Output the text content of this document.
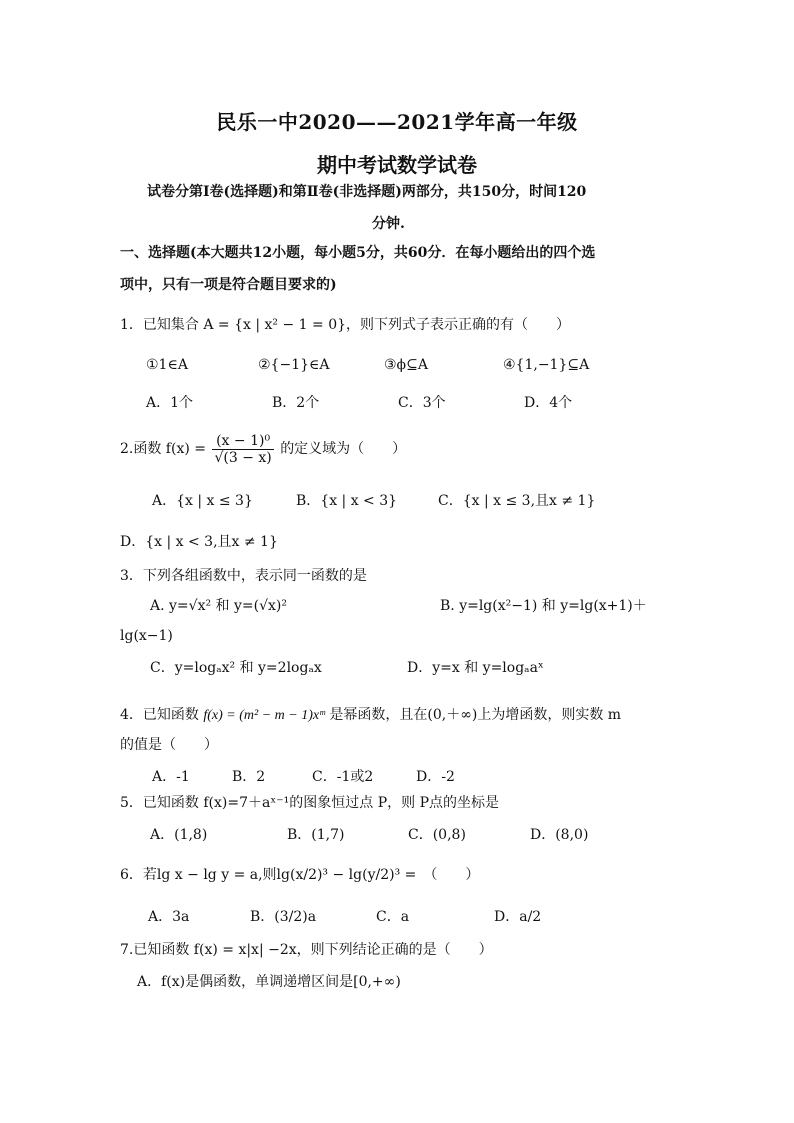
民乐一中2020——2021学年高一年级
期中考试数学试卷
试卷分第Ⅰ卷(选择题)和第Ⅱ卷(非选择题)两部分，共150分，时间120
分钟.
一、选择题(本大题共12小题，每小题5分，共60分．在每小题给出的四个选
项中，只有一项是符合题目要求的)
1．已知集合 A = {x | x² − 1 = 0}，则下列式子表示正确的有（　　）
①1∈A	②{−1}∈A	③ϕ⊆A	④{1,−1}⊆A
A．1个	B．2个	C．3个	D．4个
2.函数 $f(x) = \frac{\text{(x − 1)⁰}}{√(3 - x)}$ 的定义域为（　　）
A．{x | x ≤ 3}	B．{x | x < 3}	C．{x | x ≤ 3,且x ≠ 1}
D．{x | x < 3,且x ≠ 1}
3．下列各组函数中，表示同一函数的是
A. y=√x² 和 y=(√x)²	B. y=lg(x²−1) 和 y=lg(x+1)＋
lg(x−1)
C．y=logₐx² 和 y=2logₐx	D．y=x 和 y=logₐaˣ
4．已知函数 f(x) = (m² − m − 1)xᵐ 是幂函数，且在(0,＋∞)上为增函数，则实数 m
的值是（　　）
A．-1	B．2	C．-1或2	D．-2
5．已知函数 f(x)=7＋aˣ⁻¹的图象恒过点 P，则 P点的坐标是
A．(1,8)	B．(1,7)	C．(0,8)	D．(8,0)
6．若lg x − lg y = a,则lg(x/2)³ − lg(y/2)³ =　（　　）
A．3a	B．(3/2)a	C．a	D．a/2
7.已知函数 f(x) = x|x| −2x，则下列结论正确的是（　　）
A．f(x)是偶函数，单调递增区间是[0,+∞)
